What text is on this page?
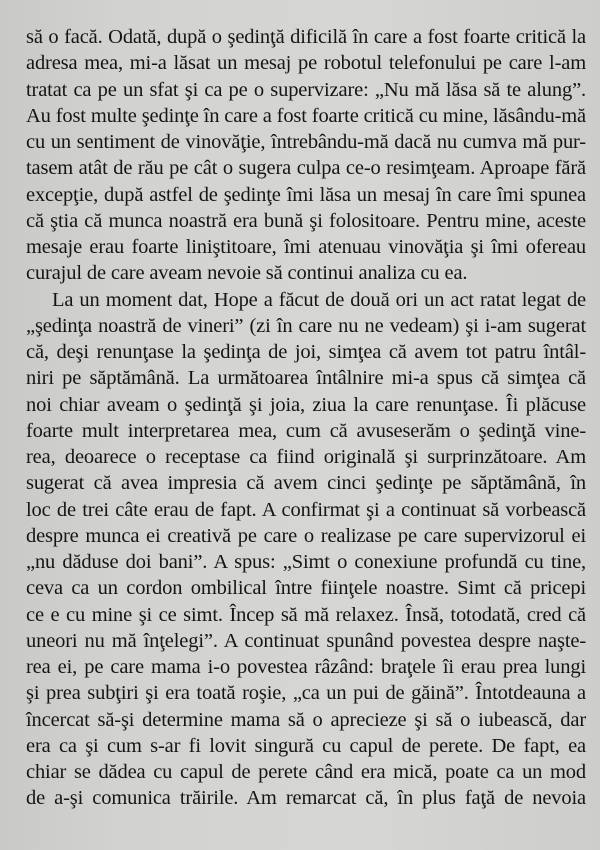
să o facă. Odată, după o şedinţă dificilă în care a fost foarte critică la
adresa mea, mi-a lăsat un mesaj pe robotul telefonului pe care l-am
tratat ca pe un sfat şi ca pe o supervizare: „Nu mă lăsa să te alung”.
Au fost multe şedinţe în care a fost foarte critică cu mine, lăsându-mă
cu un sentiment de vinovăţie, întrebându-mă dacă nu cumva mă pur-
tasem atât de rău pe cât o sugera culpa ce-o resimţeam. Aproape fără
excepţie, după astfel de şedinţe îmi lăsa un mesaj în care îmi spunea
că ştia că munca noastră era bună şi folositoare. Pentru mine, aceste
mesaje erau foarte liniştitoare, îmi atenuau vinovăţia şi îmi ofereau
curajul de care aveam nevoie să continui analiza cu ea.
La un moment dat, Hope a făcut de două ori un act ratat legat de
„şedinţa noastră de vineri” (zi în care nu ne vedeam) şi i-am sugerat
că, deşi renunţase la şedinţa de joi, simţea că avem tot patru întâl-
niri pe săptămână. La următoarea întâlnire mi-a spus că simţea că
noi chiar aveam o şedinţă şi joia, ziua la care renunţase. Îi plăcuse
foarte mult interpretarea mea, cum că avuseserăm o şedinţă vine-
rea, deoarece o receptase ca fiind originală şi surprinzătoare. Am
sugerat că avea impresia că avem cinci şedinţe pe săptămână, în
loc de trei câte erau de fapt. A confirmat şi a continuat să vorbească
despre munca ei creativă pe care o realizase pe care supervizorul ei
„nu dăduse doi bani”. A spus: „Simt o conexiune profundă cu tine,
ceva ca un cordon ombilical între fiinţele noastre. Simt că pricepi
ce e cu mine şi ce simt. Încep să mă relaxez. Însă, totodată, cred că
uneori nu mă înţelegi”. A continuat spunând povestea despre naşte-
rea ei, pe care mama i-o povestea râzând: braţele îi erau prea lungi
şi prea subţiri şi era toată roşie, „ca un pui de găină”. Întotdeauna a
încercat să-şi determine mama să o aprecieze şi să o iubească, dar
era ca şi cum s-ar fi lovit singură cu capul de perete. De fapt, ea
chiar se dădea cu capul de perete când era mică, poate ca un mod
de a-şi comunica trăirile. Am remarcat că, în plus faţă de nevoia
